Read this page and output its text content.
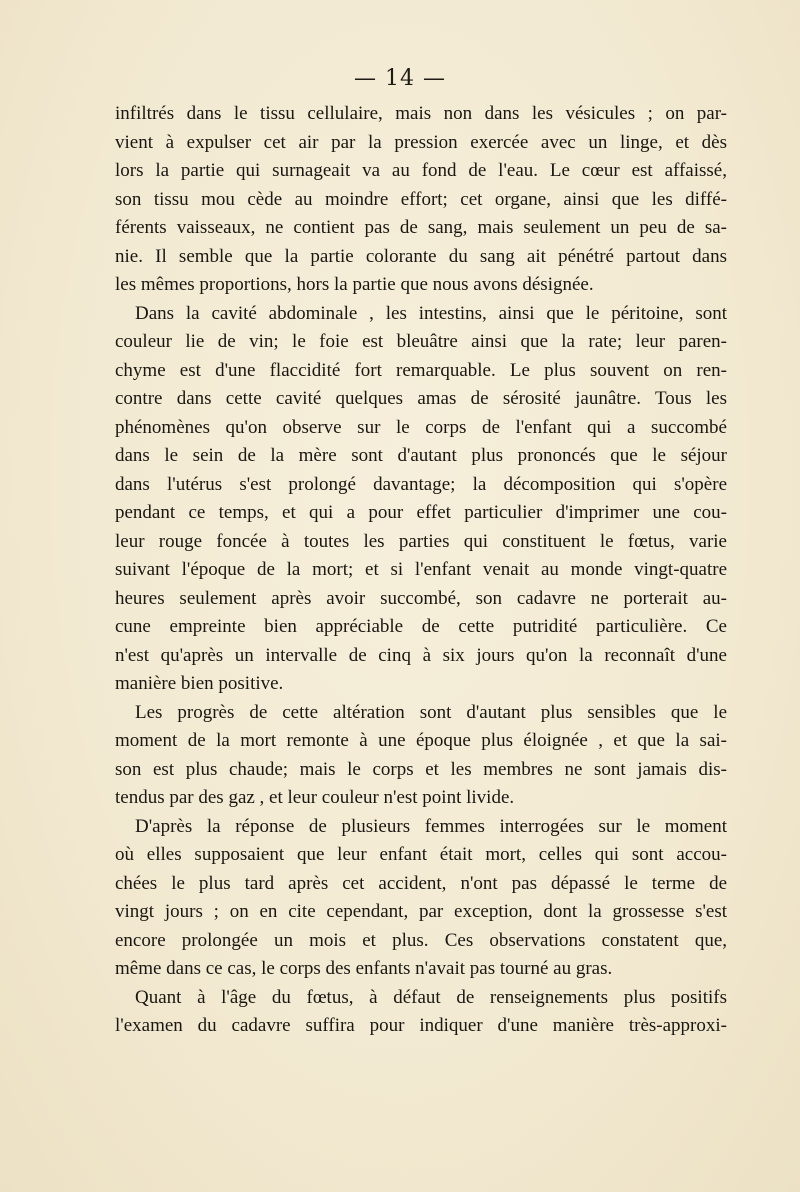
— 14 —
infiltrés dans le tissu cellulaire, mais non dans les vésicules ; on par-
vient à expulser cet air par la pression exercée avec un linge, et dès
lors la partie qui surnageait va au fond de l'eau. Le cœur est affaissé,
son tissu mou cède au moindre effort; cet organe, ainsi que les diffé-
férents vaisseaux, ne contient pas de sang, mais seulement un peu de sa-
nie. Il semble que la partie colorante du sang ait pénétré partout dans
les mêmes proportions, hors la partie que nous avons désignée.
Dans la cavité abdominale , les intestins, ainsi que le péritoine, sont
couleur lie de vin; le foie est bleuâtre ainsi que la rate; leur paren-
chyme est d'une flaccidité fort remarquable. Le plus souvent on ren-
contre dans cette cavité quelques amas de sérosité jaunâtre. Tous les
phénomènes qu'on observe sur le corps de l'enfant qui a succombé
dans le sein de la mère sont d'autant plus prononcés que le séjour
dans l'utérus s'est prolongé davantage; la décomposition qui s'opère
pendant ce temps, et qui a pour effet particulier d'imprimer une cou-
leur rouge foncée à toutes les parties qui constituent le fœtus, varie
suivant l'époque de la mort; et si l'enfant venait au monde vingt-quatre
heures seulement après avoir succombé, son cadavre ne porterait au-
cune empreinte bien appréciable de cette putridité particulière. Ce
n'est qu'après un intervalle de cinq à six jours qu'on la reconnaît d'une
manière bien positive.
Les progrès de cette altération sont d'autant plus sensibles que le
moment de la mort remonte à une époque plus éloignée , et que la sai-
son est plus chaude; mais le corps et les membres ne sont jamais dis-
tendus par des gaz , et leur couleur n'est point livide.
D'après la réponse de plusieurs femmes interrogées sur le moment
où elles supposaient que leur enfant était mort, celles qui sont accou-
chées le plus tard après cet accident, n'ont pas dépassé le terme de
vingt jours ; on en cite cependant, par exception, dont la grossesse s'est
encore prolongée un mois et plus. Ces observations constatent que,
même dans ce cas, le corps des enfants n'avait pas tourné au gras.
Quant à l'âge du fœtus, à défaut de renseignements plus positifs
l'examen du cadavre suffira pour indiquer d'une manière très-approxi-
